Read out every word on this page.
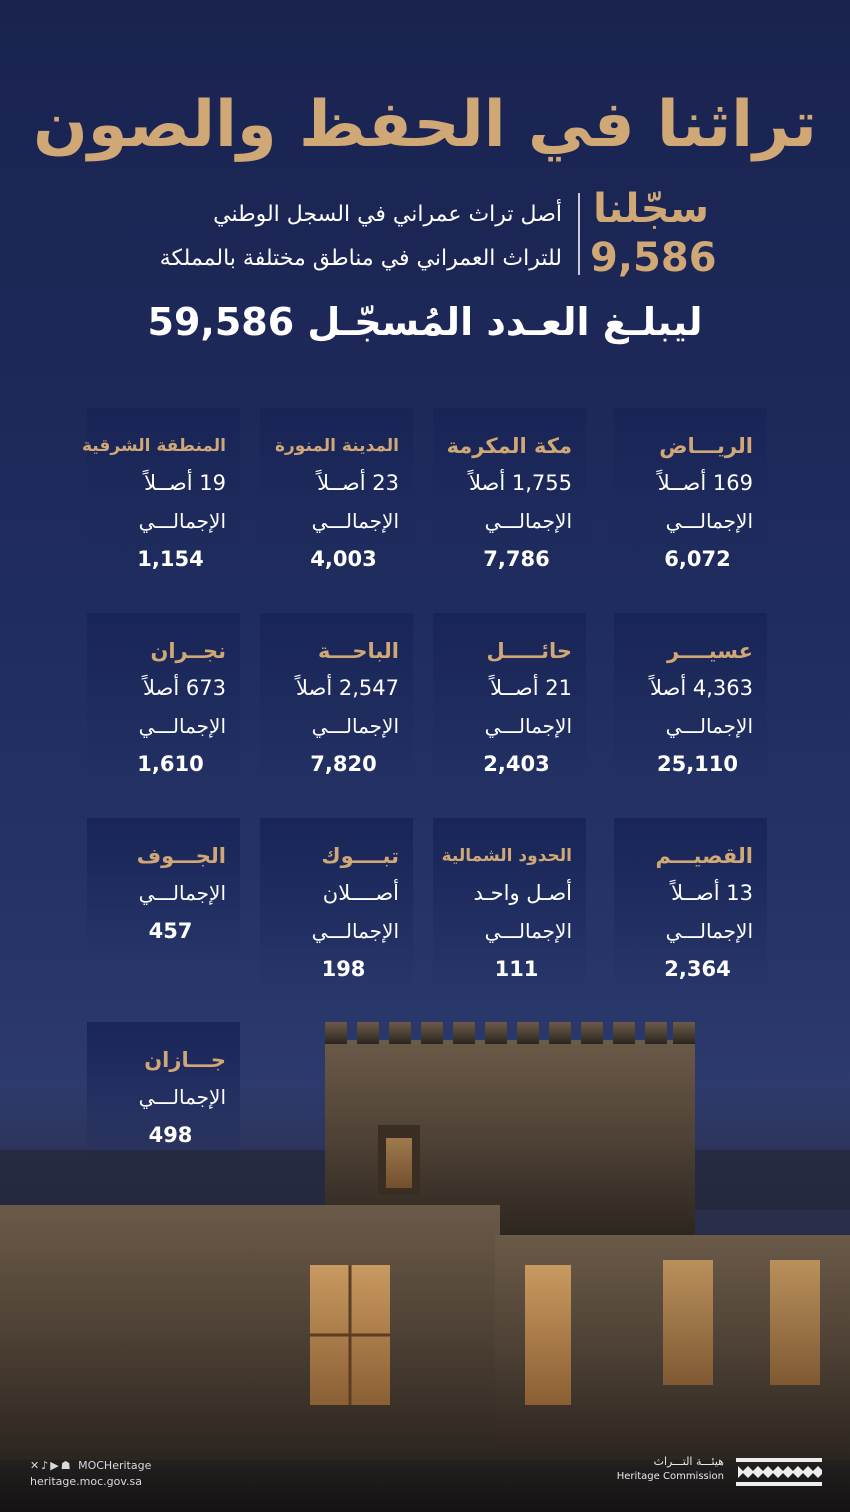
تراثنا في الحفظ والصون
سجّلنا
9,586
أصل تراث عمراني في السجل الوطني
للتراث العمراني في مناطق مختلفة بالمملكة
ليبلـغ العـدد المُسجّـل 59,586
الريـــاض
169 أصــلاً
الإجمالـــي
6,072
مكة المكرمة
1,755 أصلاً
الإجمالـــي
7,786
المدينة المنورة
23 أصــلاً
الإجمالـــي
4,003
المنطقة الشرقية
19 أصــلاً
الإجمالـــي
1,154
عسيــــر
4,363 أصلاً
الإجمالـــي
25,110
حائـــــل
21 أصــلاً
الإجمالـــي
2,403
الباحـــة
2,547 أصلاً
الإجمالـــي
7,820
نجــران
673 أصلاً
الإجمالـــي
1,610
القصيـــم
13 أصــلاً
الإجمالـــي
2,364
الحدود الشمالية
أصـل واحـد
الإجمالـــي
111
تبــــوك
أصــــلان
الإجمالـــي
198
الجـــوف
الإجمالـــي
457
جـــازان
الإجمالـــي
498
✕♪▶☗ MOCHeritage
heritage.moc.gov.sa
هيئـــة التـــراث
Heritage Commission
